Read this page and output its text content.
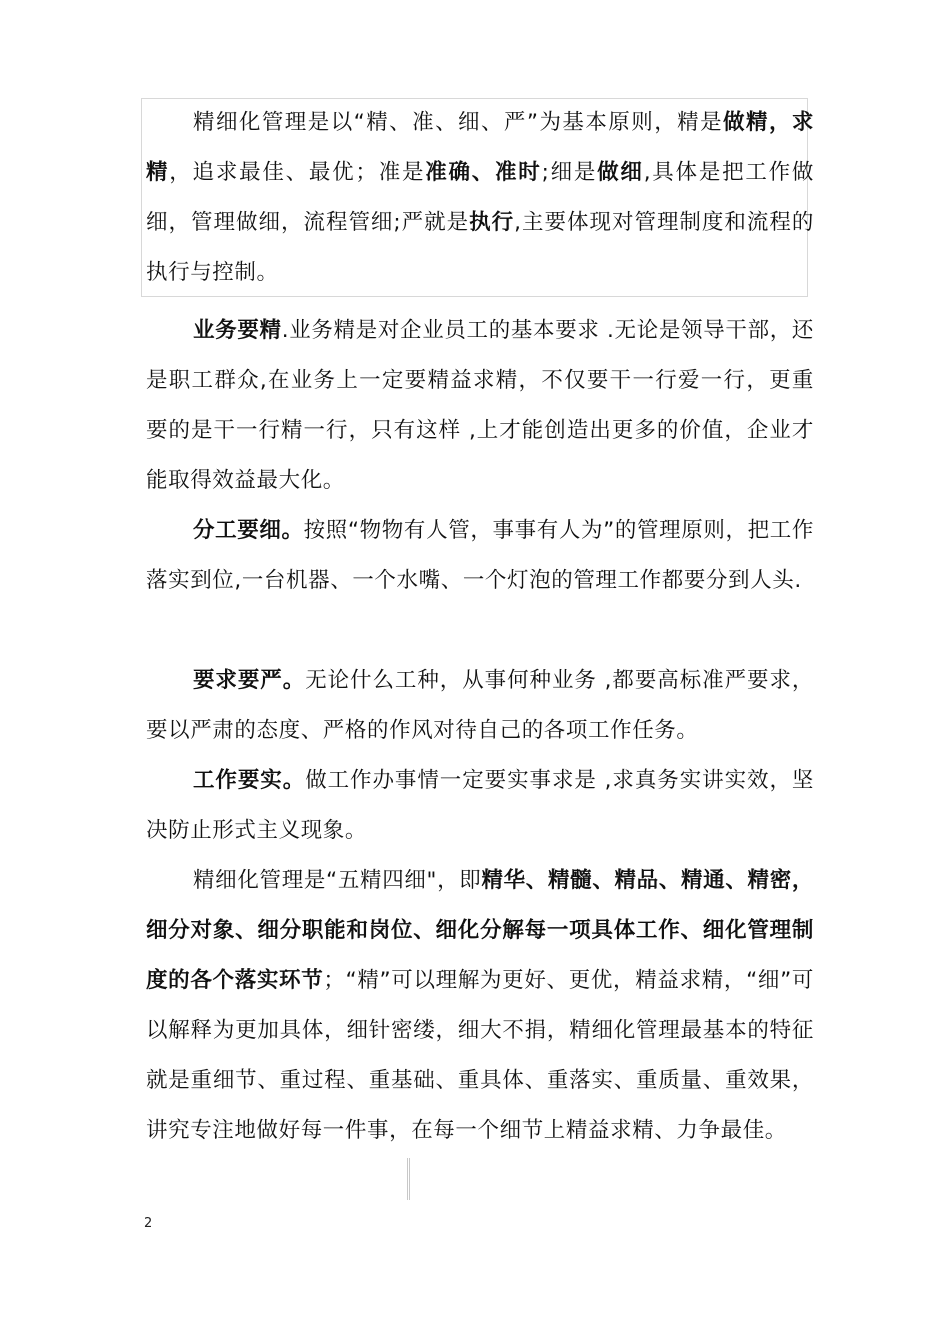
精细化管理是以“精、准、细、严”为基本原则，精是做精，求精，追求最佳、最优；准是准确、准时;细是做细,具体是把工作做细，管理做细，流程管细;严就是执行,主要体现对管理制度和流程的执行与控制。

业务要精.业务精是对企业员工的基本要求 .无论是领导干部，还是职工群众,在业务上一定要精益求精，不仅要干一行爱一行，更重要的是干一行精一行，只有这样 ,上才能创造出更多的价值，企业才能取得效益最大化。

分工要细。按照“物物有人管，事事有人为”的管理原则，把工作落实到位,一台机器、一个水嘴、一个灯泡的管理工作都要分到人头.

要求要严。无论什么工种，从事何种业务 ,都要高标准严要求，要以严肃的态度、严格的作风对待自己的各项工作任务。

工作要实。做工作办事情一定要实事求是 ,求真务实讲实效，坚决防止形式主义现象。

精细化管理是“五精四细"，即精华、精髓、精品、精通、精密，细分对象、细分职能和岗位、细化分解每一项具体工作、细化管理制度的各个落实环节；“精”可以理解为更好、更优，精益求精，“细”可以解释为更加具体，细针密缕，细大不捐，精细化管理最基本的特征就是重细节、重过程、重基础、重具体、重落实、重质量、重效果，讲究专注地做好每一件事，在每一个细节上精益求精、力争最佳。

2
